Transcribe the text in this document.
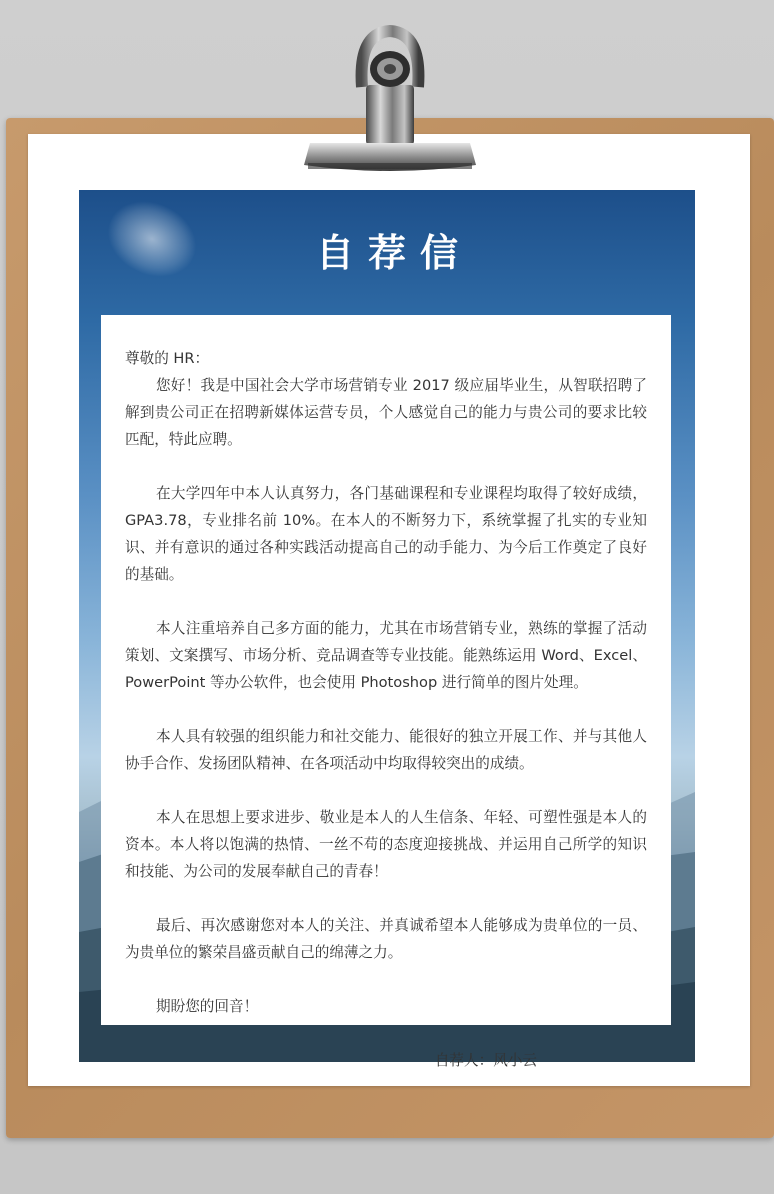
自荐信
尊敬的 HR：

您好！我是中国社会大学市场营销专业 2017 级应届毕业生，从智联招聘了解到贵公司正在招聘新媒体运营专员，个人感觉自己的能力与贵公司的要求比较匹配，特此应聘。

在大学四年中本人认真努力，各门基础课程和专业课程均取得了较好成绩，GPA3.78，专业排名前 10%。在本人的不断努力下，系统掌握了扎实的专业知识、并有意识的通过各种实践活动提高自己的动手能力、为今后工作奠定了良好的基础。

本人注重培养自己多方面的能力，尤其在市场营销专业，熟练的掌握了活动策划、文案撰写、市场分析、竞品调查等专业技能。能熟练运用 Word、Excel、PowerPoint 等办公软件，也会使用 Photoshop 进行简单的图片处理。

本人具有较强的组织能力和社交能力、能很好的独立开展工作、并与其他人协手合作、发扬团队精神、在各项活动中均取得较突出的成绩。

本人在思想上要求进步、敬业是本人的人生信条、年轻、可塑性强是本人的资本。本人将以饱满的热情、一丝不苟的态度迎接挑战、并运用自己所学的知识和技能、为公司的发展奉献自己的青春！

最后、再次感谢您对本人的关注、并真诚希望本人能够成为贵单位的一员、为贵单位的繁荣昌盛贡献自己的绵薄之力。

期盼您的回音！

自荐人：风小云
